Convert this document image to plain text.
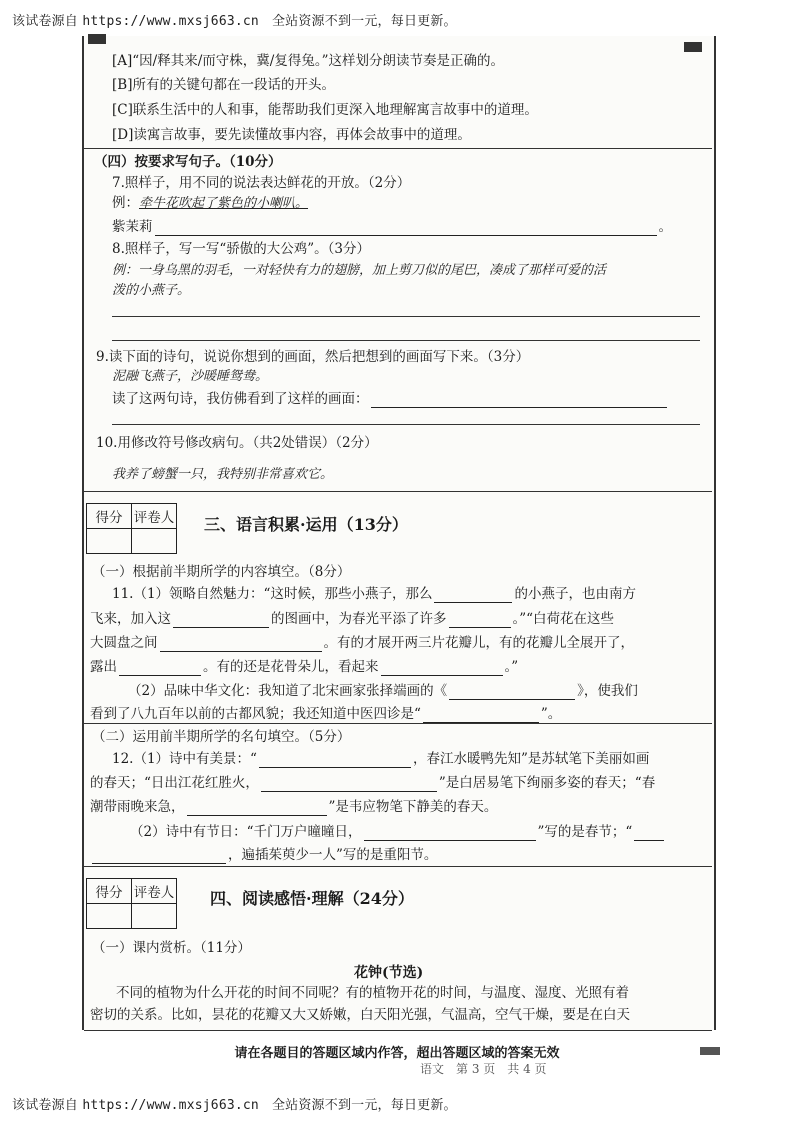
该试卷源自 https://www.mxsj663.cn 全站资源不到一元，每日更新。
[A]“因/释其来/而守株，冀/复得兔。”这样划分朗读节奏是正确的。
[B]所有的关键句都在一段话的开头。
[C]联系生活中的人和事，能帮助我们更深入地理解寓言故事中的道理。
[D]读寓言故事，要先读懂故事内容，再体会故事中的道理。
（四）按要求写句子。（10分）
7.照样子，用不同的说法表达鲜花的开放。（2分）
例：牵牛花吹起了紫色的小喇叭。
紫茉莉	。
8.照样子，写一写“骄傲的大公鸡”。（3分）
例：一身乌黑的羽毛，一对轻快有力的翅膀，加上剪刀似的尾巴，凑成了那样可爱的活
泼的小燕子。
9.读下面的诗句，说说你想到的画面，然后把想到的画面写下来。（3分）
泥融飞燕子，沙暖睡鸳鸯。
读了这两句诗，我仿佛看到了这样的画面：
10.用修改符号修改病句。（共2处错误）（2分）
我养了螃蟹一只，我特别非常喜欢它。
得分	评卷人
	三、语言积累·运用（13分）
（一）根据前半期所学的内容填空。（8分）
11.（1）领略自然魅力：“这时候，那些小燕子，那么	的小燕子，也由南方
飞来，加入这	的图画中，为春光平添了许多	。”“白荷花在这些
大圆盘之间	。有的才展开两三片花瓣儿，有的花瓣儿全展开了，
露出	。有的还是花骨朵儿，看起来	。”
（2）品味中华文化：我知道了北宋画家张择端画的《	》，使我们
看到了八九百年以前的古都风貌；我还知道中医四诊是“	”。
（二）运用前半期所学的名句填空。（5分）
12.（1）诗中有美景：“	，春江水暖鸭先知”是苏轼笔下美丽如画
的春天；“日出江花红胜火，	”是白居易笔下绚丽多姿的春天；“春
潮带雨晚来急，	”是韦应物笔下静美的春天。
（2）诗中有节日：“千门万户曈曈日，	”写的是春节；“
，遍插茱萸少一人”写的是重阳节。
得分	评卷人
	四、阅读感悟·理解（24分）
（一）课内赏析。（11分）
花钟(节选)
不同的植物为什么开花的时间不同呢？有的植物开花的时间，与温度、湿度、光照有着
密切的关系。比如，昙花的花瓣又大又娇嫩，白天阳光强，气温高，空气干燥，要是在白天
请在各题目的答题区域内作答，超出答题区域的答案无效
语文　第 3 页　共 4 页
该试卷源自 https://www.mxsj663.cn 全站资源不到一元，每日更新。
